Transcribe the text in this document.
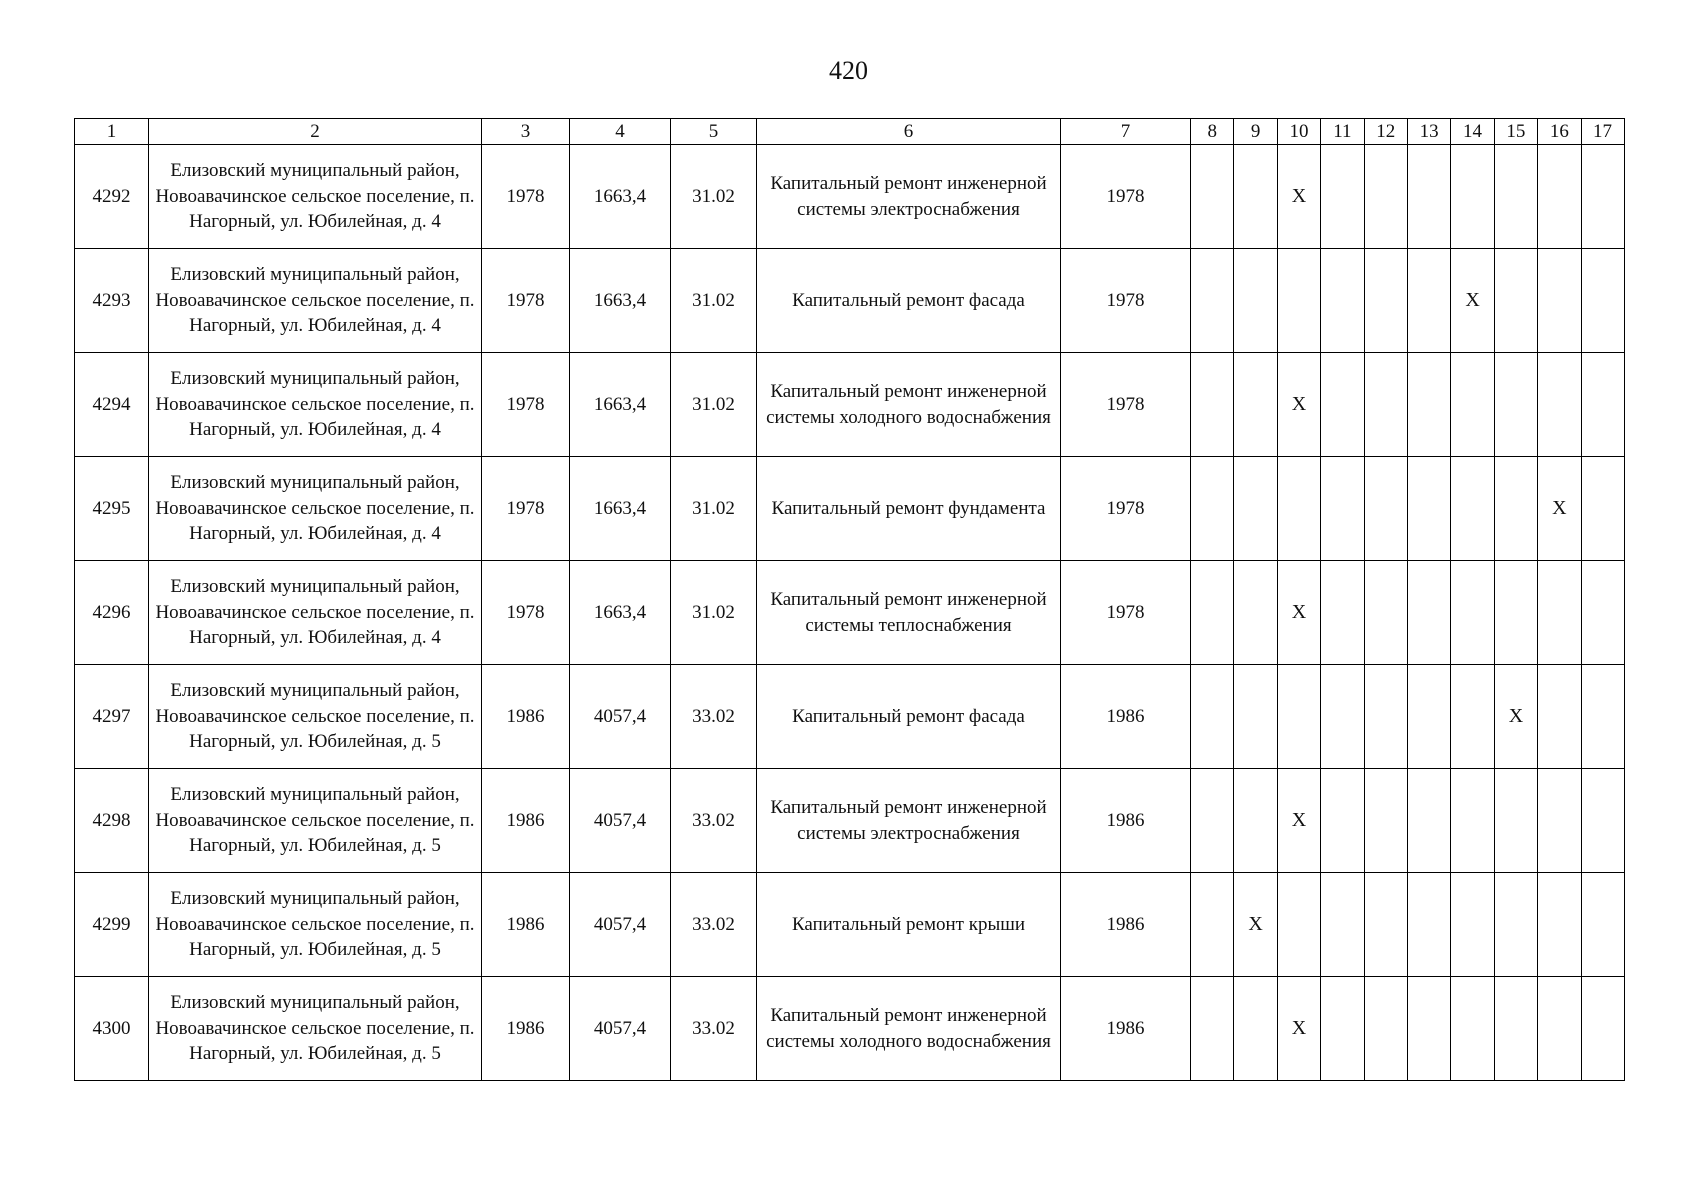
420
1	2	3	4	5	6	7	8	9	10	11	12	13	14	15	16	17
4292	Елизовский муниципальный район, Новоавачинское сельское поселение, п. Нагорный, ул. Юбилейная, д. 4	1978	1663,4	31.02	Капитальный ремонт инженерной системы электроснабжения	1978			X							
4293	Елизовский муниципальный район, Новоавачинское сельское поселение, п. Нагорный, ул. Юбилейная, д. 4	1978	1663,4	31.02	Капитальный ремонт фасада	1978							X			
4294	Елизовский муниципальный район, Новоавачинское сельское поселение, п. Нагорный, ул. Юбилейная, д. 4	1978	1663,4	31.02	Капитальный ремонт инженерной системы холодного водоснабжения	1978			X							
4295	Елизовский муниципальный район, Новоавачинское сельское поселение, п. Нагорный, ул. Юбилейная, д. 4	1978	1663,4	31.02	Капитальный ремонт фундамента	1978									X	
4296	Елизовский муниципальный район, Новоавачинское сельское поселение, п. Нагорный, ул. Юбилейная, д. 4	1978	1663,4	31.02	Капитальный ремонт инженерной системы теплоснабжения	1978			X							
4297	Елизовский муниципальный район, Новоавачинское сельское поселение, п. Нагорный, ул. Юбилейная, д. 5	1986	4057,4	33.02	Капитальный ремонт фасада	1986								X		
4298	Елизовский муниципальный район, Новоавачинское сельское поселение, п. Нагорный, ул. Юбилейная, д. 5	1986	4057,4	33.02	Капитальный ремонт инженерной системы электроснабжения	1986			X							
4299	Елизовский муниципальный район, Новоавачинское сельское поселение, п. Нагорный, ул. Юбилейная, д. 5	1986	4057,4	33.02	Капитальный ремонт крыши	1986		X								
4300	Елизовский муниципальный район, Новоавачинское сельское поселение, п. Нагорный, ул. Юбилейная, д. 5	1986	4057,4	33.02	Капитальный ремонт инженерной системы холодного водоснабжения	1986			X							
